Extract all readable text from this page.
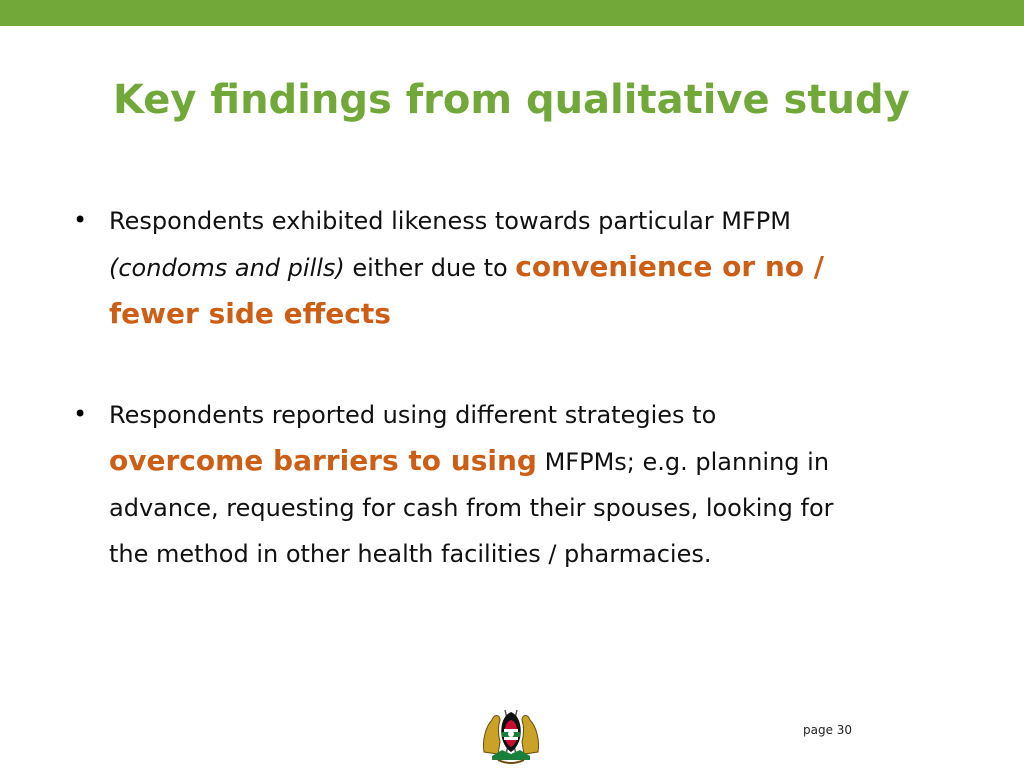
Key findings from qualitative study
• Respondents exhibited likeness towards particular MFPM
(condoms and pills) either due to convenience or no /
fewer side effects
• Respondents reported using different strategies to
overcome barriers to using MFPMs; e.g. planning in
advance, requesting for cash from their spouses, looking for
the method in other health facilities / pharmacies.
page 30
